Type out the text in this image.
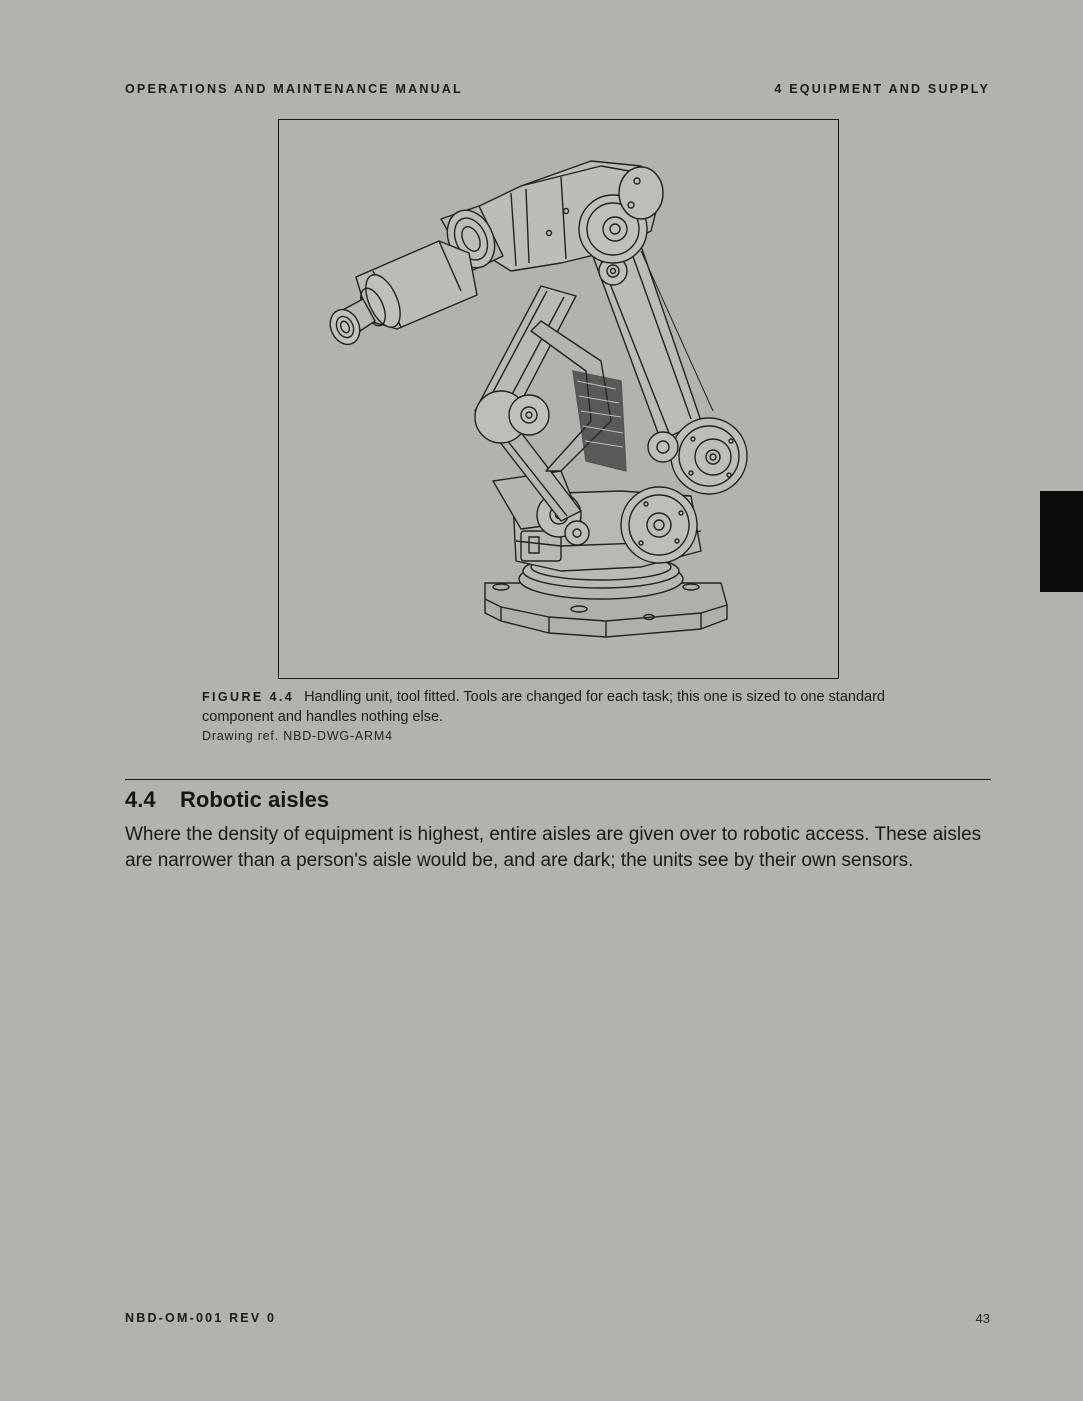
OPERATIONS AND MAINTENANCE MANUAL	4 EQUIPMENT AND SUPPLY
FIGURE 4.4 Handling unit, tool fitted. Tools are changed for each task; this one is sized to one standard component and handles nothing else.
Drawing ref. NBD-DWG-ARM4
4.4 Robotic aisles
Where the density of equipment is highest, entire aisles are given over to robotic access. These aisles are narrower than a person's aisle would be, and are dark; the units see by their own sensors.
NBD-OM-001 REV 0	43
